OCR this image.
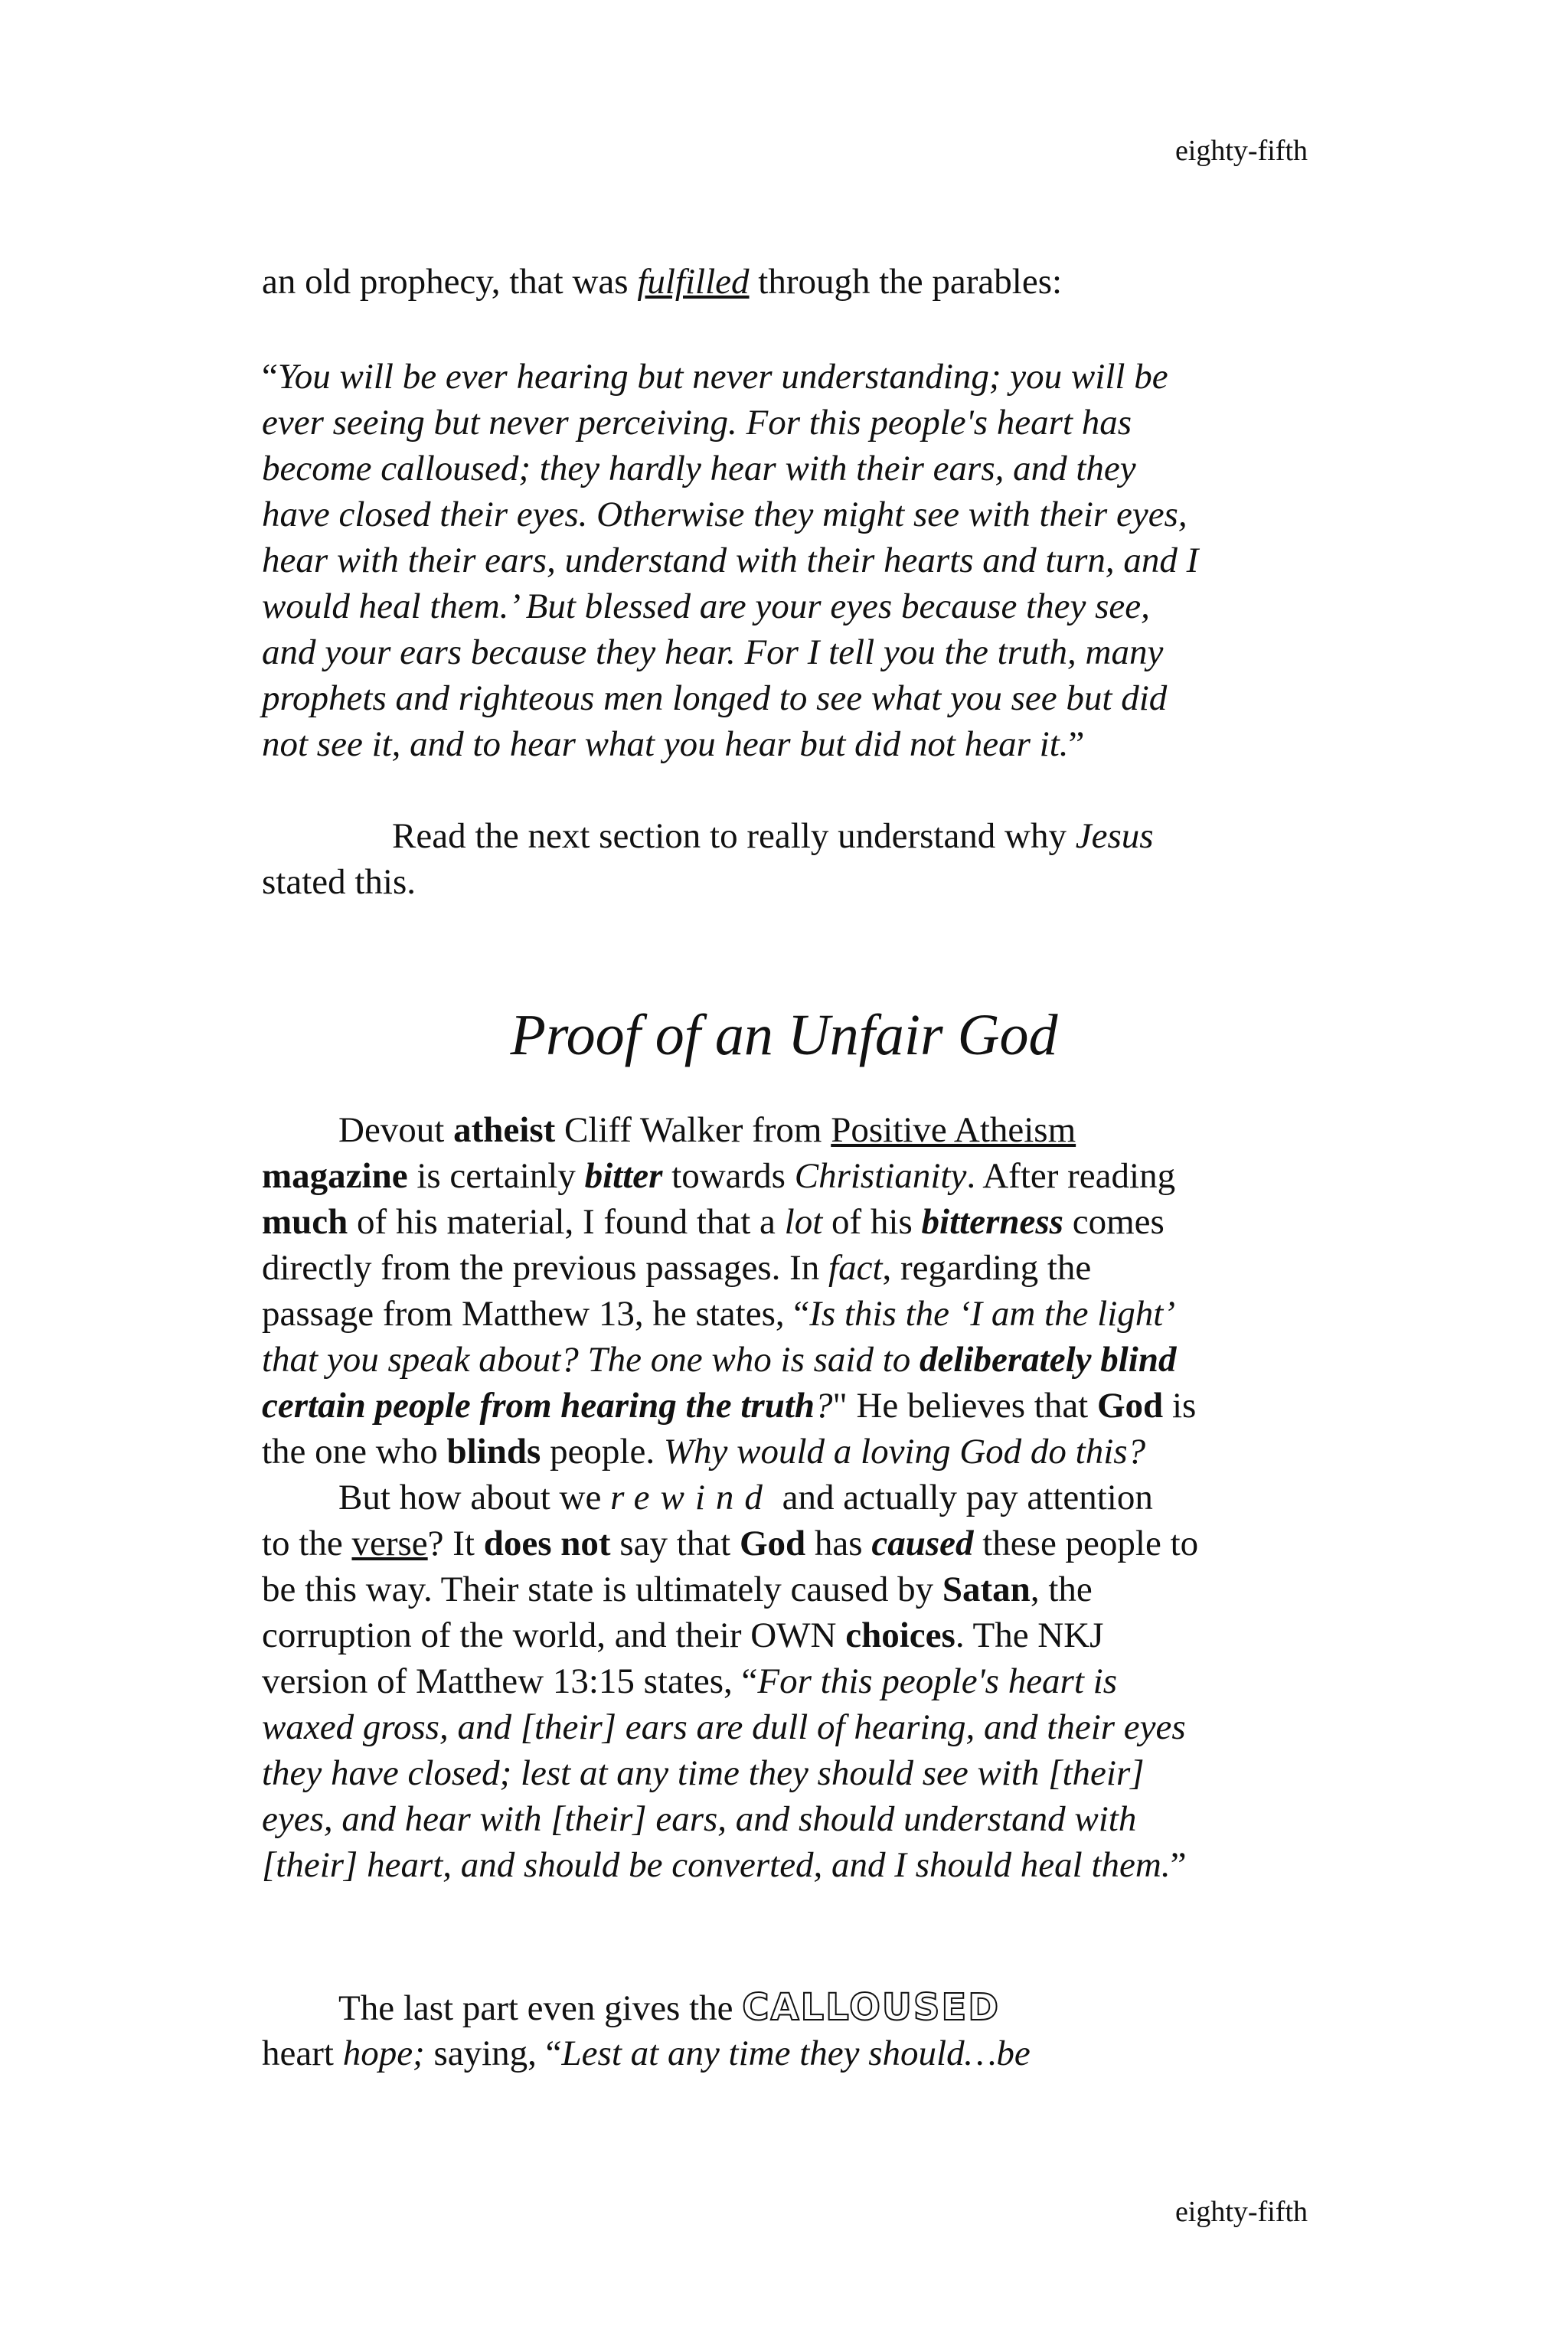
eighty-fifth
an old prophecy, that was fulfilled through the parables:
“You will be ever hearing but never understanding; you will be
ever seeing but never perceiving. For this people's heart has
become calloused; they hardly hear with their ears, and they
have closed their eyes. Otherwise they might see with their eyes,
hear with their ears, understand with their hearts and turn, and I
would heal them.’ But blessed are your eyes because they see,
and your ears because they hear. For I tell you the truth, many
prophets and righteous men longed to see what you see but did
not see it, and to hear what you hear but did not hear it.”
Read the next section to really understand why Jesus
stated this.
Proof of an Unfair God
Devout atheist Cliff Walker from Positive Atheism
magazine is certainly bitter towards Christianity. After reading
much of his material, I found that a lot of his bitterness comes
directly from the previous passages. In fact, regarding the
passage from Matthew 13, he states, “Is this the ‘I am the light’
that you speak about? The one who is said to deliberately blind
certain people from hearing the truth?" He believes that God is
the one who blinds people. Why would a loving God do this?
But how about we rewind and actually pay attention
to the verse? It does not say that God has caused these people to
be this way. Their state is ultimately caused by Satan, the
corruption of the world, and their OWN choices. The NKJ
version of Matthew 13:15 states, “For this people's heart is
waxed gross, and [their] ears are dull of hearing, and their eyes
they have closed; lest at any time they should see with [their]
eyes, and hear with [their] ears, and should understand with
[their] heart, and should be converted, and I should heal them.”
The last part even gives the CALLOUSED
heart hope; saying, “Lest at any time they should…be
eighty-fifth
